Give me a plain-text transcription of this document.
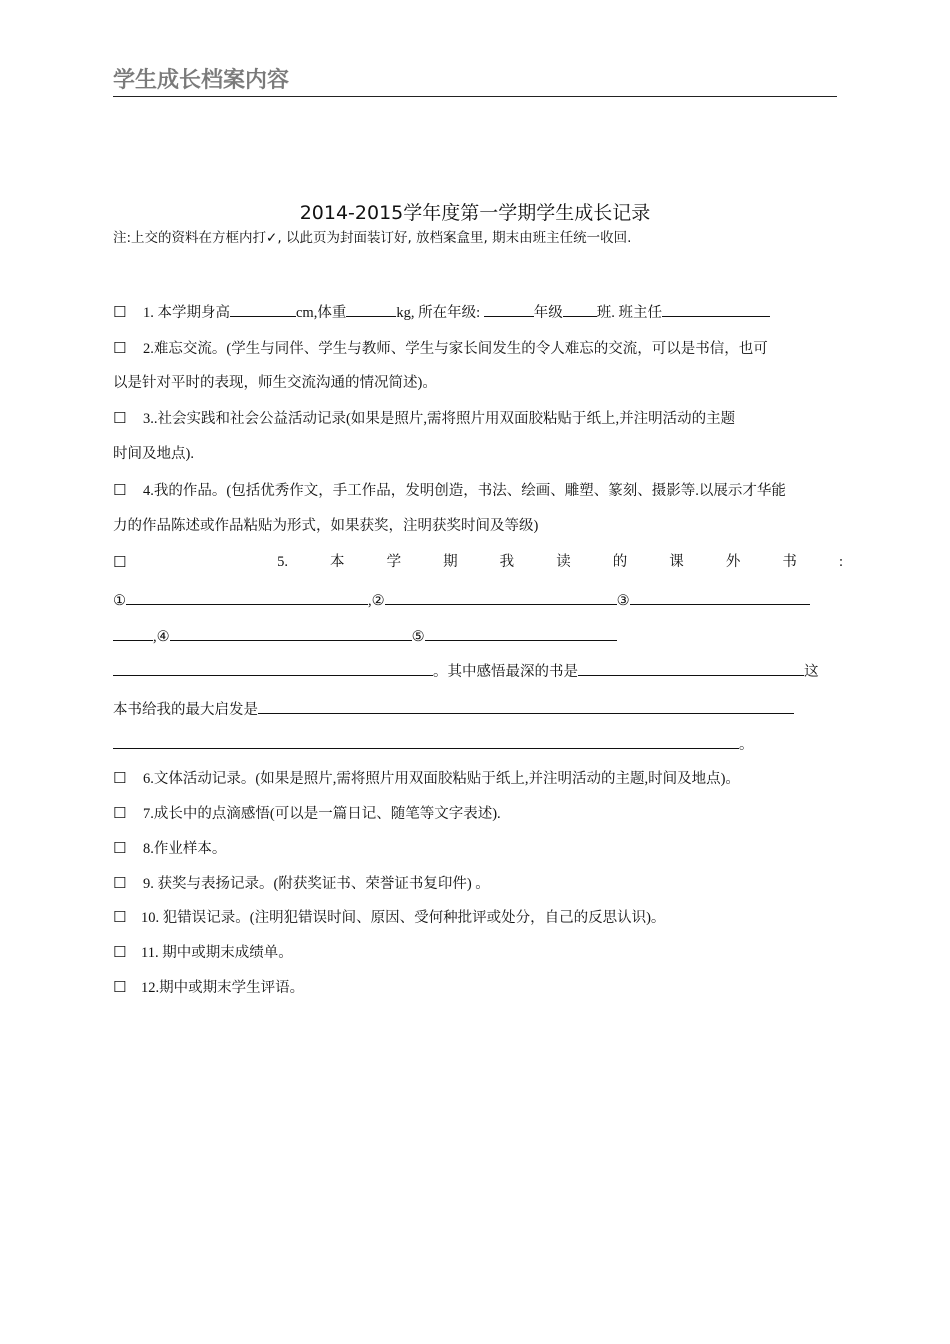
学生成长档案内容
2014-2015学年度第一学期学生成长记录
注:上交的资料在方框内打✓, 以此页为封面装订好, 放档案盒里, 期末由班主任统一收回.
☐ 1. 本学期身高	cm,体重	kg, 所在年级:	年级 班. 班主任
☐ 2.难忘交流。(学生与同伴、学生与教师、学生与家长间发生的令人难忘的交流，可以是书信，也可
以是针对平时的表现，师生交流沟通的情况简述)。
☐ 3..社会实践和社会公益活动记录(如果是照片,需将照片用双面胶粘贴于纸上,并注明活动的主题
时间及地点).
☐ 4.我的作品。(包括优秀作文，手工作品，发明创造，书法、绘画、雕塑、篆刻、摄影等.以展示才华能
力的作品陈述或作品粘贴为形式，如果获奖，注明获奖时间及等级)
☐	5.	本	学	期	我	读	的	课	外	书	:
①	,②	③
,④	⑤
。其中感悟最深的书是	这
本书给我的最大启发是
。
☐ 6.文体活动记录。(如果是照片,需将照片用双面胶粘贴于纸上,并注明活动的主题,时间及地点)。
☐ 7.成长中的点滴感悟(可以是一篇日记、随笔等文字表述).
☐ 8.作业样本。
☐ 9. 获奖与表扬记录。(附获奖证书、荣誉证书复印件) 。
☐ 10. 犯错误记录。(注明犯错误时间、原因、受何种批评或处分，自己的反思认识)。
☐ 11. 期中或期末成绩单。
☐ 12.期中或期末学生评语。
